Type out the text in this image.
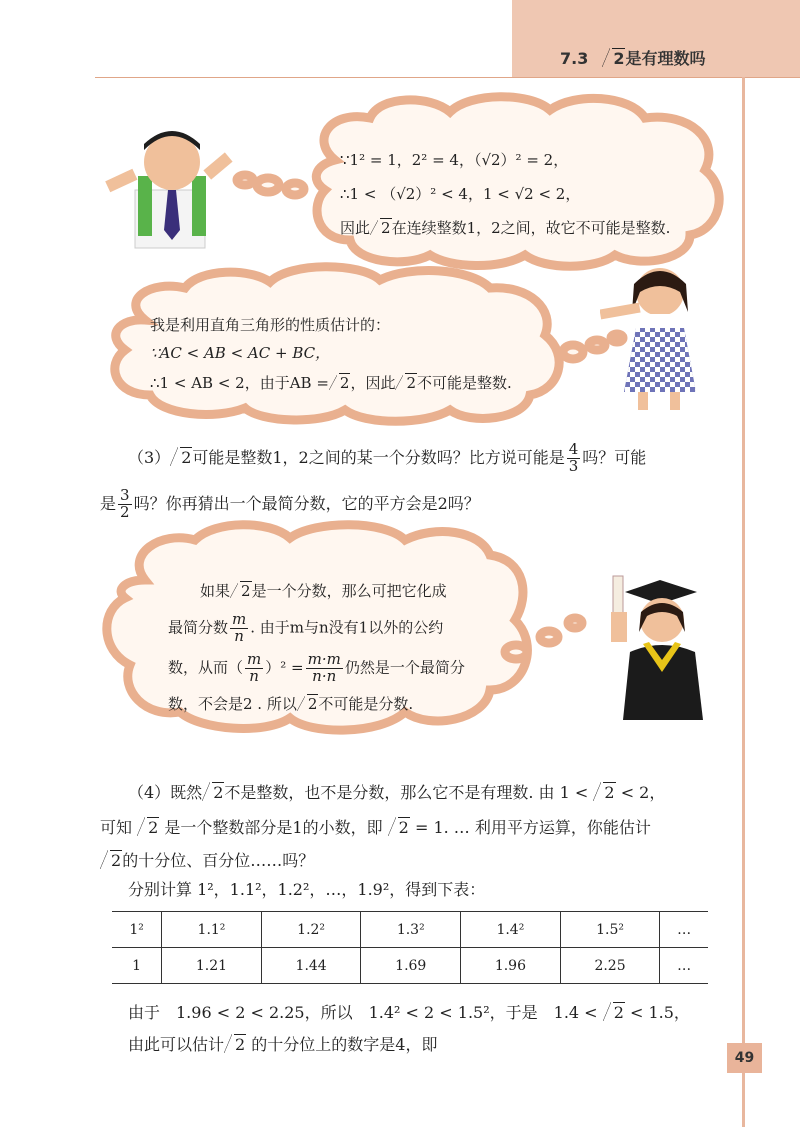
7.3 2是有理数吗
∵1² = 1，2² = 4，（√2）² = 2，
∴1 < （√2）² < 4，1 < √2 < 2，
因此 2在连续整数1，2之间，故它不可能是整数.
我是利用直角三角形的性质估计的：
∵AC < AB < AC + BC，
∴1 < AB < 2，由于AB = 2，因此 2不可能是整数.
（3） 2可能是整数1，2之间的某一个分数吗？比方说可能是 $\frac{4}{3}$ 吗？可能
是 $\frac{3}{2}$ 吗？你再猜出一个最简分数，它的平方会是2吗？
如果 2是一个分数，那么可把它化成
最简分数 $\frac{m}{n}$ . 由于m与n没有1以外的公约
数，从而（ $\frac{m}{n} )^2 = \frac{m\cdot m}{n\cdot n}$ 仍然是一个最简分
数，不会是2 . 所以 2不可能是分数.
（4）既然 2不是整数，也不是分数，那么它不是有理数. 由 1 < 2 < 2，
可知 2 是一个整数部分是1的小数，即 2 = 1. … 利用平方运算，你能估计
2的十分位、百分位……吗？
分别计算 1²，1.1²，1.2²，…，1.9²，得到下表：
1²	1.1²	1.2²	1.3²	1.4²	1.5²	…
1	1.21	1.44	1.69	1.96	2.25	…
由于　1.96 < 2 < 2.25，所以　1.4² < 2 < 1.5²，于是　1.4 < 2 < 1.5，
由此可以估计 2 的十分位上的数字是4，即
49
